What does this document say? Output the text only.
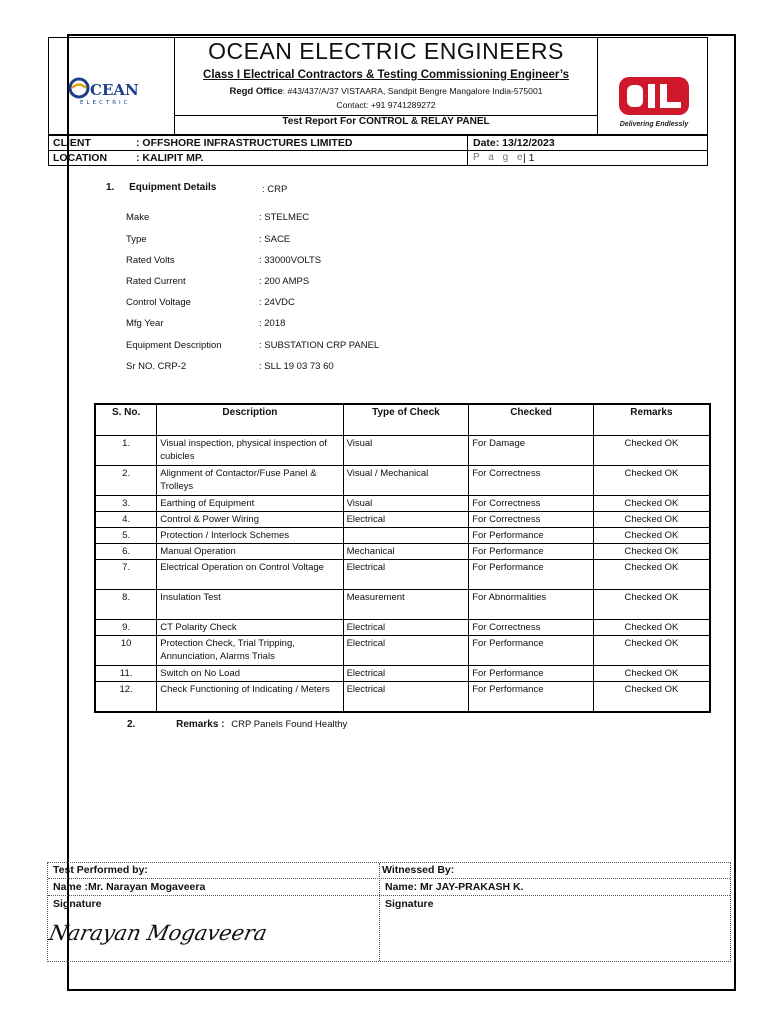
CEAN
ELECTRIC
Delivering Endlessly
OCEAN ELECTRIC ENGINEERS
Class I Electrical Contractors & Testing Commissioning Engineer’s
Regd Office: #43/437/A/37 VISTAARA, Sandpit Bengre Mangalore India-575001
Contact: +91 9741289272
Test Report For CONTROL & RELAY PANEL
CLIENT	: OFFSHORE INFRASTRUCTURES LIMITED	Date: 13/12/2023
LOCATION	: KALIPIT MP.	P a g e
| 1
1. Equipment Details	: CRP
Make	: STELMEC
Type	: SACE
Rated Volts	: 33000VOLTS
Rated Current	: 200 AMPS
Control Voltage	: 24VDC
Mfg Year	: 2018
Equipment Description	: SUBSTATION CRP PANEL
Sr NO. CRP-2	: SLL 19 03 73 60
S. No.	Description	Type of Check	Checked	Remarks
1.	Visual inspection, physical inspection of cubicles	Visual	For Damage	Checked OK
2.	Alignment of Contactor/Fuse Panel & Trolleys	Visual / Mechanical	For Correctness	Checked OK
3.	Earthing of Equipment	Visual	For Correctness	Checked OK
4.	Control & Power Wiring	Electrical	For Correctness	Checked OK
5.	Protection / Interlock Schemes		For Performance	Checked OK
6.	Manual Operation	Mechanical	For Performance	Checked OK
7.	Electrical Operation on Control Voltage	Electrical	For Performance	Checked OK
8.	Insulation Test	Measurement	For Abnormalities	Checked OK
9.	CT Polarity Check	Electrical	For Correctness	Checked OK
10	Protection Check, Trial Tripping, Annunciation, Alarms Trials	Electrical	For Performance	Checked OK
11.	Switch on No Load	Electrical	For Performance	Checked OK
12.	Check Functioning of Indicating / Meters	Electrical	For Performance	Checked OK
2.	Remarks : CRP Panels Found Healthy
Test Performed by:	Witnessed By:
Name :Mr. Narayan Mogaveera	Name: Mr JAY-PRAKASH K.
Signature	Signature
Narayan Mogaveera
